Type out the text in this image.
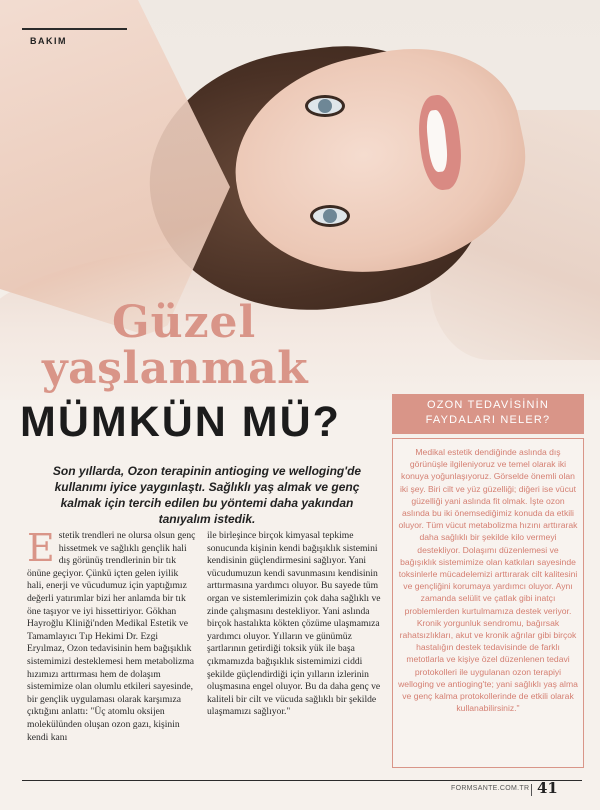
BAKIM
Güzel
yaşlanmak
MÜMKÜN MÜ?
Son yıllarda, Ozon terapinin antioging ve welloging'de kullanımı iyice yaygınlaştı. Sağlıklı yaş almak ve genç kalmak için tercih edilen bu yöntemi daha yakından tanıyalım istedik.
Estetik trendleri ne olursa olsun genç hissetmek ve sağlıklı gençlik hali dış görünüş trendlerinin bir tık önüne geçiyor. Çünkü içten gelen iyilik hali, enerji ve vücudumuz için yaptığımız değerli yatırımlar bizi her anlamda bir tık öne taşıyor ve iyi hissettiriyor. Gökhan Hayroğlu Kliniği'nden Medikal Estetik ve Tamamlayıcı Tıp Hekimi Dr. Ezgi Eryılmaz, Ozon tedavisinin hem bağışıklık sistemimizi desteklemesi hem metabolizma hızımızı arttırması hem de dolaşım sistemimize olan olumlu etkileri sayesinde, bir gençlik uygulaması olarak karşımıza çıktığını anlattı: "Üç atomlu oksijen molekülünden oluşan ozon gazı, kişinin kendi kanı
ile birleşince birçok kimyasal tepkime sonucunda kişinin kendi bağışıklık sistemini kendisinin güçlendirmesini sağlıyor. Yani vücudumuzun kendi savunmasını kendisinin arttırmasına yardımcı oluyor. Bu sayede tüm organ ve sistemlerimizin çok daha sağlıklı ve zinde çalışmasını destekliyor. Yani aslında birçok hastalıkta kökten çözüme ulaşmamıza yardımcı oluyor. Yılların ve günümüz şartlarının getirdiği toksik yük ile başa çıkmamızda bağışıklık sistemimizi ciddi şekilde güçlendirdiği için yılların izlerinin oluşmasına engel oluyor. Bu da daha genç ve kaliteli bir cilt ve vücuda sağlıklı bir şekilde ulaşmamızı sağlıyor."
OZON TEDAVİSİNİN
FAYDALARI NELER?
Medikal estetik dendiğinde aslında dış görünüşle ilgileniyoruz ve temel olarak iki konuya yoğunlaşıyoruz. Görselde önemli olan iki şey. Biri cilt ve yüz güzelliği; diğeri ise vücut güzelliği yani aslında fit olmak. İşte ozon aslında bu iki önemsediğimiz konuda da etkili oluyor. Tüm vücut metabolizma hızını arttırarak daha sağlıklı bir şekilde kilo vermeyi destekliyor. Dolaşımı düzenlemesi ve bağışıklık sistemimize olan katkıları sayesinde toksinlerle mücadelemizi arttırarak cilt kalitesini ve gençliğini korumaya yardımcı oluyor. Aynı zamanda selülit ve çatlak gibi inatçı problemlerden kurtulmamıza destek veriyor. Kronik yorgunluk sendromu, bağırsak rahatsızlıkları, akut ve kronik ağrılar gibi birçok hastalığın destek tedavisinde de farklı metotlarla ve kişiye özel düzenlenen tedavi protokolleri ile uygulanan ozon terapiyi welloging ve antioging'te; yani sağlıklı yaş alma ve genç kalma protokollerinde de etkili olarak kullanabilirsiniz."
FORMSANTE.COM.TR 41
